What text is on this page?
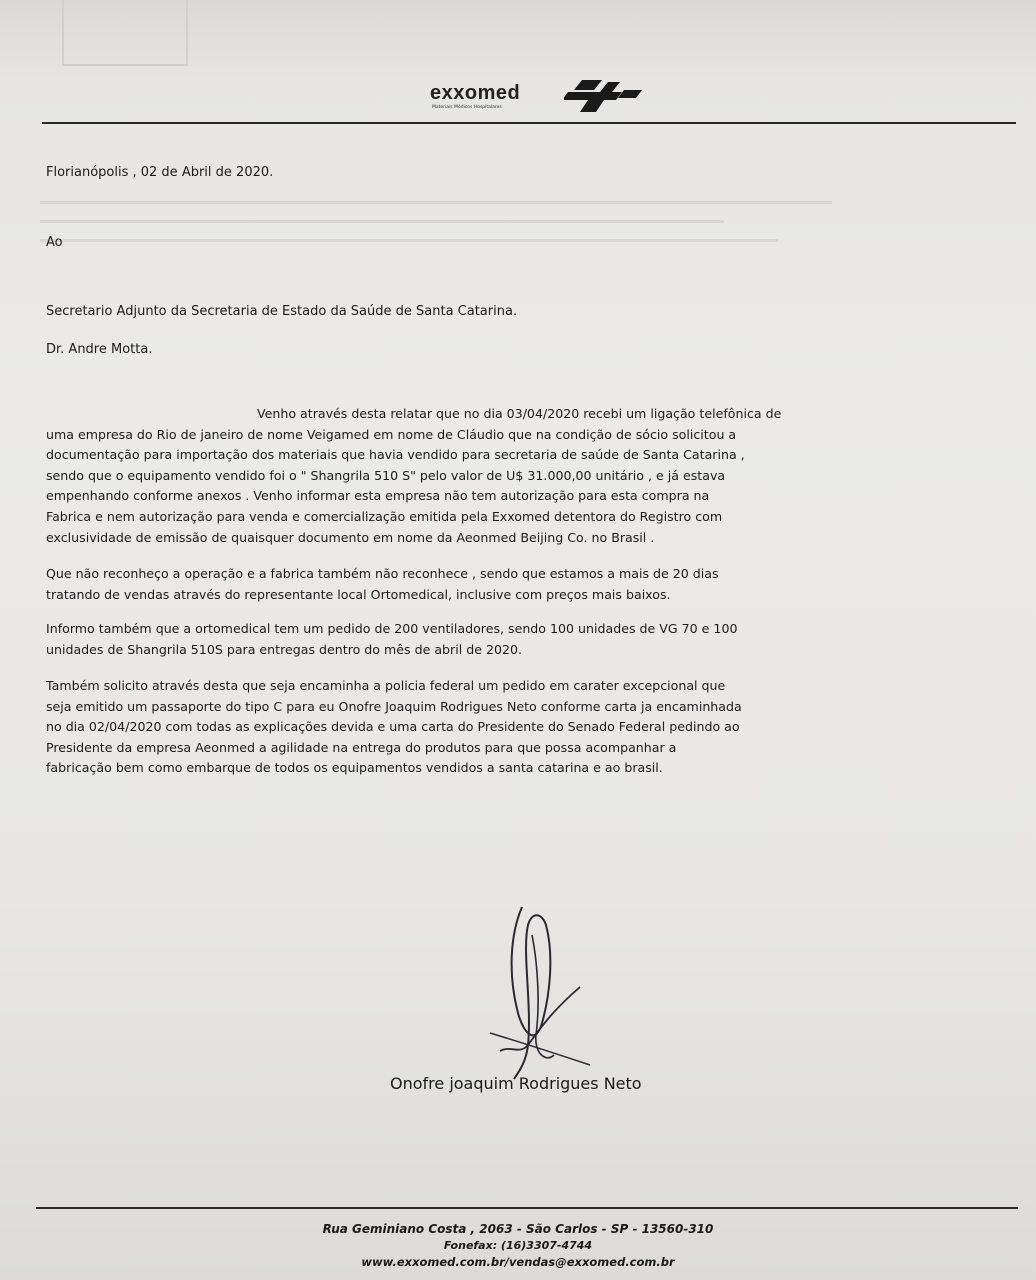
exxomed
Materiais Médicos Hospitalares
Florianópolis , 02 de Abril de 2020.
Ao
Secretario Adjunto da Secretaria de Estado da Saúde de Santa Catarina.
Dr. Andre Motta.
Venho através desta relatar que no dia 03/04/2020 recebi um ligação telefônica de
uma empresa do Rio de janeiro de nome Veigamed em nome de Cláudio que na condição de sócio solicitou a
documentação para importação dos materiais que havia vendido para secretaria de saúde de Santa Catarina ,
sendo que o equipamento vendido foi o " Shangrila 510 S" pelo valor de U$ 31.000,00 unitário , e já estava
empenhando conforme anexos . Venho informar esta empresa não tem autorização para esta compra na
Fabrica e nem autorização para venda e comercialização emitida pela Exxomed detentora do Registro com
exclusividade de emissão de quaisquer documento em nome da Aeonmed Beijing Co. no Brasil .
Que não reconheço a operação e a fabrica também não reconhece , sendo que estamos a mais de 20 dias
tratando de vendas através do representante local Ortomedical, inclusive com preços mais baixos.
Informo também que a ortomedical tem um pedido de 200 ventiladores, sendo 100 unidades de VG 70 e 100
unidades de Shangrila 510S para entregas dentro do mês de abril de 2020.
Também solicito através desta que seja encaminha a policia federal um pedido em carater excepcional que
seja emitido um passaporte do tipo C para eu Onofre Joaquim Rodrigues Neto conforme carta ja encaminhada
no dia 02/04/2020 com todas as explicações devida e uma carta do Presidente do Senado Federal pedindo ao
Presidente da empresa Aeonmed a agilidade na entrega do produtos para que possa acompanhar a
fabricação bem como embarque de todos os equipamentos vendidos a santa catarina e ao brasil.
Onofre joaquim Rodrigues Neto
Rua Geminiano Costa , 2063 - São Carlos - SP - 13560-310
Fonefax: (16)3307-4744
www.exxomed.com.br/vendas@exxomed.com.br
